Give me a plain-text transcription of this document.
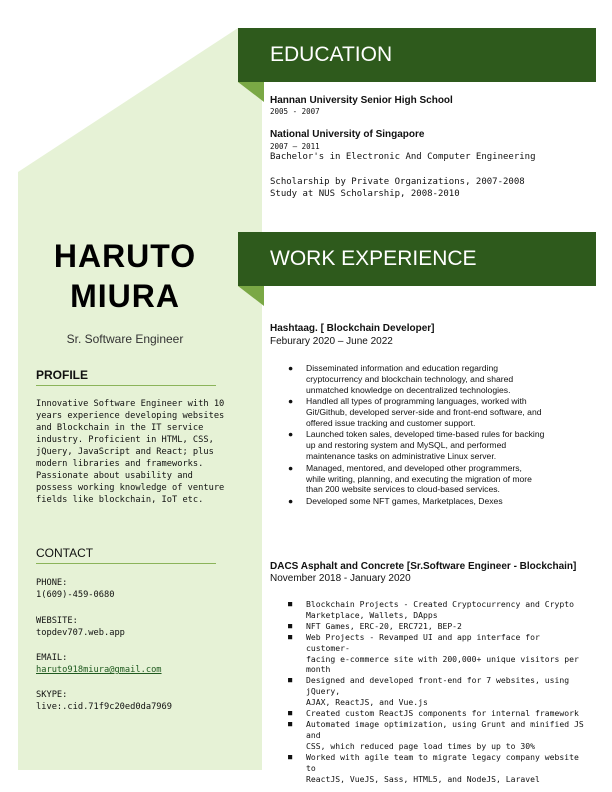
HARUTO
MIURA
Sr. Software Engineer
PROFILE
Innovative Software Engineer with 10
years experience developing websites
and Blockchain in the IT service
industry. Proficient in HTML, CSS,
jQuery, JavaScript and React; plus
modern libraries and frameworks.
Passionate about usability and
possess working knowledge of venture
fields like blockchain, IoT etc.
CONTACT
PHONE:
1(609)-459-0680
WEBSITE:
topdev707.web.app
EMAIL:
haruto918miura@gmail.com
SKYPE:
live:.cid.71f9c20ed0da7969
EDUCATION
Hannan University Senior High School
2005 - 2007
National University of Singapore
2007 – 2011
Bachelor's in Electronic And Computer Engineering
Scholarship by Private Organizations, 2007-2008
Study at NUS Scholarship, 2008-2010
WORK EXPERIENCE
Hashtaag. [ Blockchain Developer]
Feburary 2020 – June 2022
● Disseminated information and education regarding
cryptocurrency and blockchain technology, and shared
unmatched knowledge on decentralized technologies.
● Handled all types of programming languages, worked with
Git/Github, developed server-side and front-end software, and
offered issue tracking and customer support.
● Launched token sales, developed time-based rules for backing
up and restoring system and MySQL, and performed
maintenance tasks on administrative Linux server.
● Managed, mentored, and developed other programmers,
while writing, planning, and executing the migration of more
than 200 website services to cloud-based services.
● Developed some NFT games, Marketplaces, Dexes
DACS Asphalt and Concrete [Sr.Software Engineer - Blockchain]
November 2018 - January 2020
■ Blockchain Projects - Created Cryptocurrency and Crypto
Marketplace, Wallets, DApps
■ NFT Games, ERC-20, ERC721, BEP-2
■ Web Projects - Revamped UI and app interface for customer-
facing e-commerce site with 200,000+ unique visitors per month
■ Designed and developed front-end for 7 websites, using jQuery,
AJAX, ReactJS, and Vue.js
■ Created custom ReactJS components for internal framework
■ Automated image optimization, using Grunt and minified JS and
CSS, which reduced page load times by up to 30%
■ Worked with agile team to migrate legacy company website to
ReactJS, VueJS, Sass, HTML5, and NodeJS, Laravel
